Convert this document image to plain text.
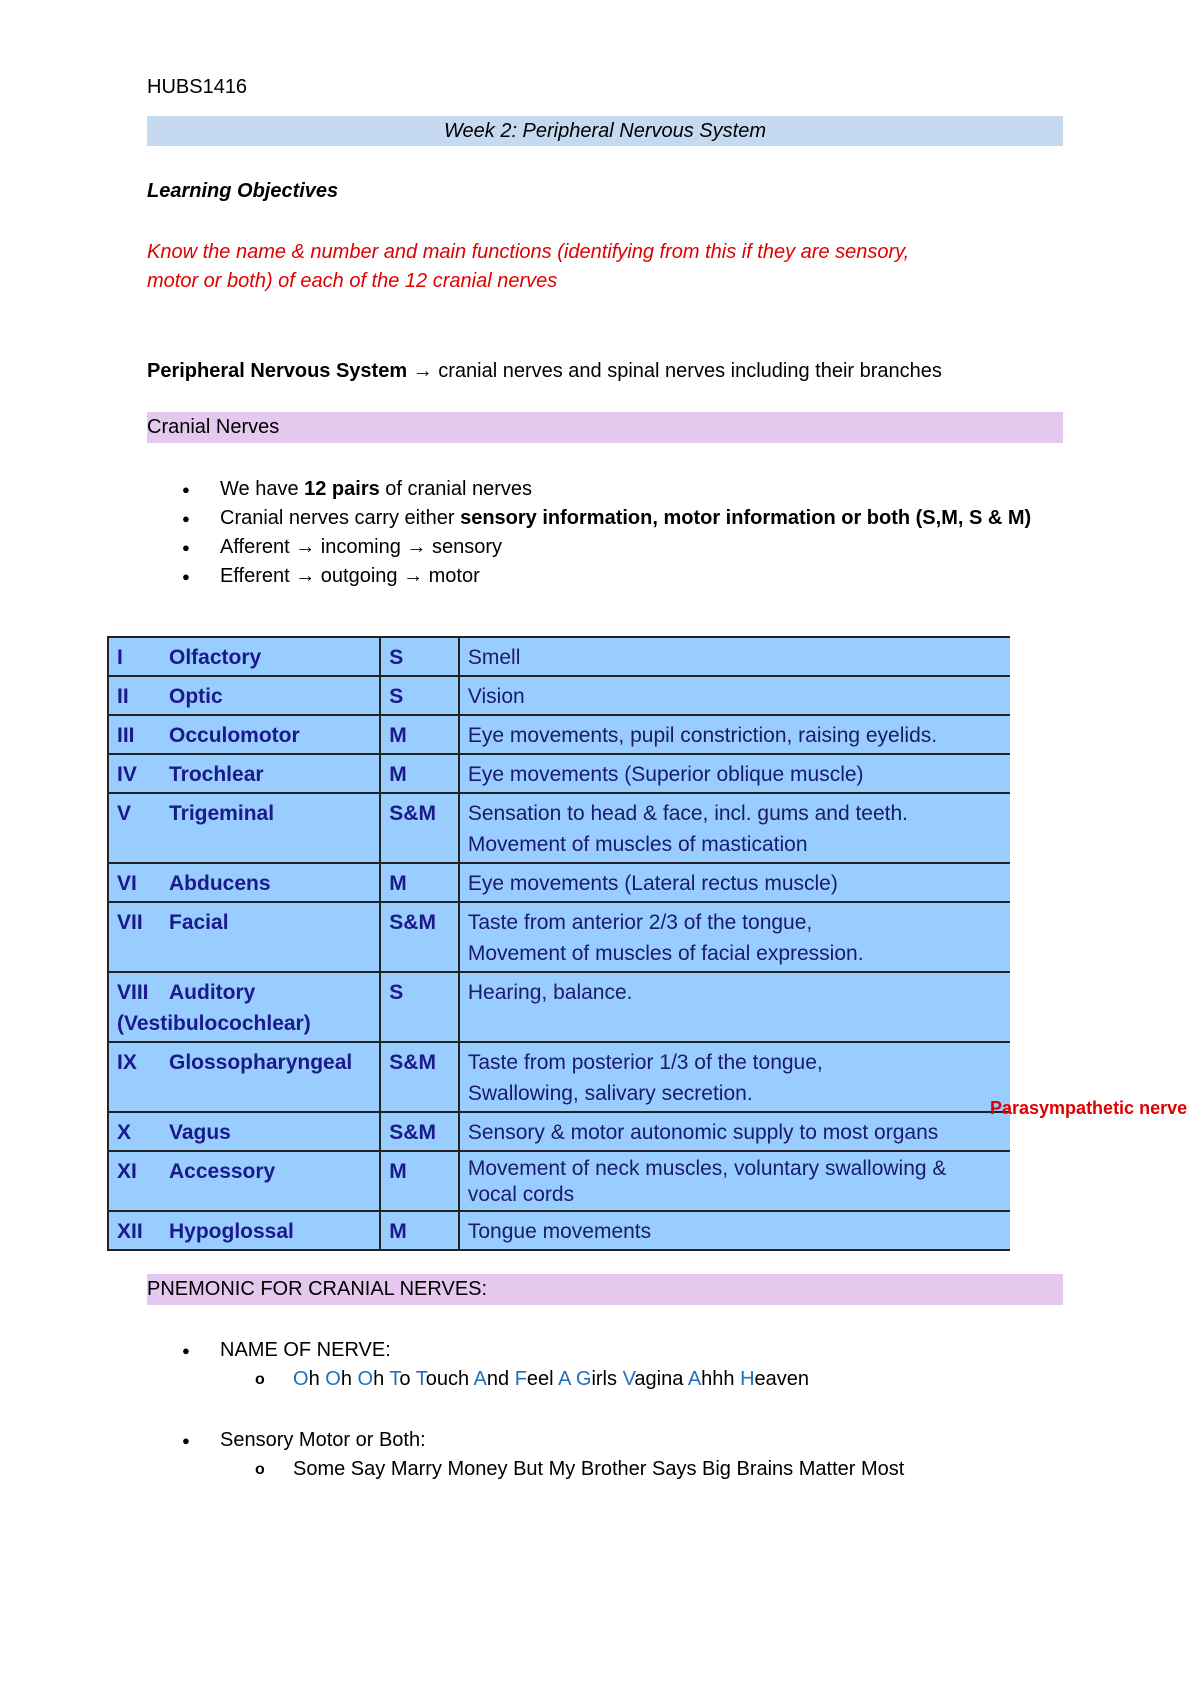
HUBS1416
Week 2: Peripheral Nervous System
Learning Objectives
Know the name & number and main functions (identifying from this if they are sensory, motor or both) of each of the 12 cranial nerves
Peripheral Nervous System → cranial nerves and spinal nerves including their branches
Cranial Nerves
● We have 12 pairs of cranial nerves
● Cranial nerves carry either sensory information, motor information or both (S,M, S & M)
● Afferent → incoming → sensory
● Efferent → outgoing → motor
I Olfactory	S	Smell
II Optic	S	Vision
III Occulomotor	M	Eye movements, pupil constriction, raising eyelids.
IV Trochlear	M	Eye movements (Superior oblique muscle)
V Trigeminal	S&M	Sensation to head & face, incl. gums and teeth.
Movement of muscles of mastication

VI Abducens	M	Eye movements (Lateral rectus muscle)
VII Facial	S&M	Taste from anterior 2/3 of the tongue,
Movement of muscles of facial expression.

VIII Auditory
(Vestibulocochlear)	S	Hearing, balance.
IX Glossopharyngeal	S&M	Taste from posterior 1/3 of the tongue,
Swallowing, salivary secretion.

X Vagus	S&M	Sensory & motor autonomic supply to most organs
XI Accessory	M	Movement of neck muscles, voluntary swallowing &
vocal cords

XII Hypoglossal	M	Tongue movements
Parasympathetic nerve
PNEMONIC FOR CRANIAL NERVES:
● NAME OF NERVE:
o Oh Oh Oh To Touch And Feel A Girls Vagina Ahhh Heaven
● Sensory Motor or Both:
o Some Say Marry Money But My Brother Says Big Brains Matter Most
